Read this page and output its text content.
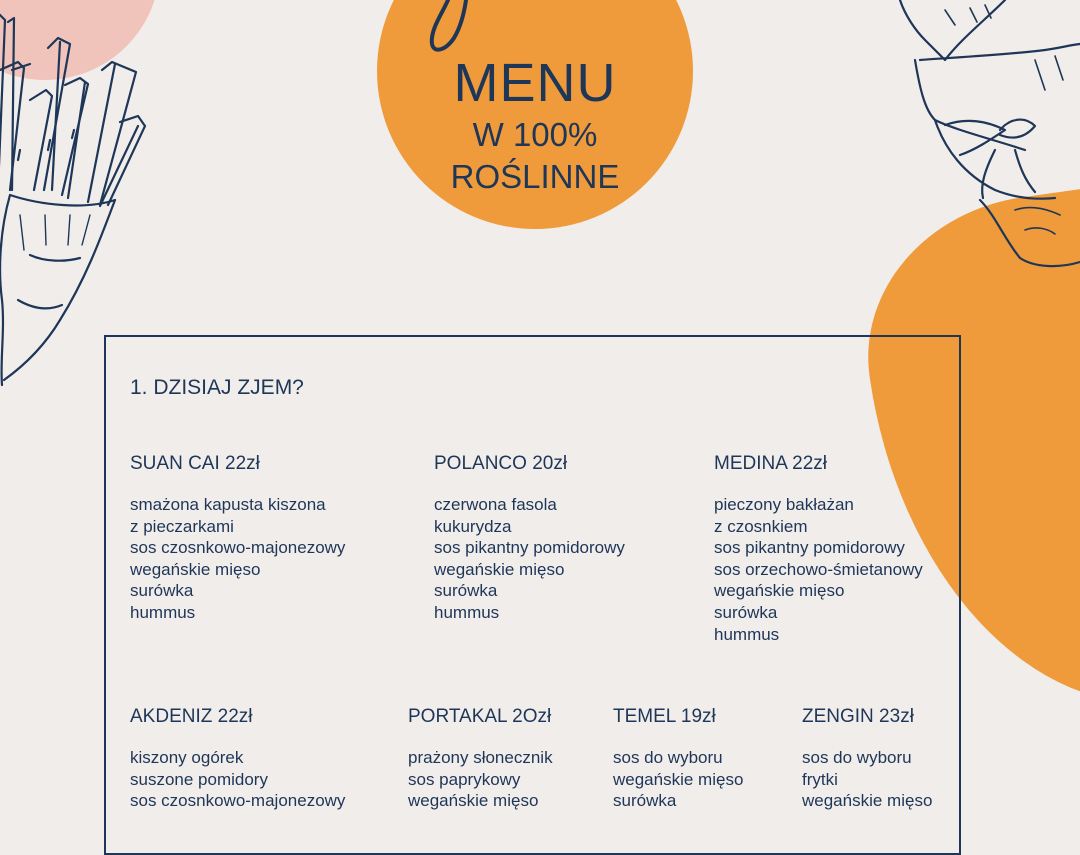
MENU
W 100%
ROŚLINNE
1. DZISIAJ ZJEM?
SUAN CAI 22zł
smażona kapusta kiszona
z pieczarkami
sos czosnkowo-majonezowy
wegańskie mięso
surówka
hummus
POLANCO 20zł
czerwona fasola
kukurydza
sos pikantny pomidorowy
wegańskie mięso
surówka
hummus
MEDINA 22zł
pieczony bakłażan
z czosnkiem
sos pikantny pomidorowy
sos orzechowo-śmietanowy
wegańskie mięso
surówka
hummus
AKDENIZ 22zł
kiszony ogórek
suszone pomidory
sos czosnkowo-majonezowy
PORTAKAL 2Ozł
prażony słonecznik
sos paprykowy
wegańskie mięso
TEMEL 19zł
sos do wyboru
wegańskie mięso
surówka
ZENGIN 23zł
sos do wyboru
frytki
wegańskie mięso
